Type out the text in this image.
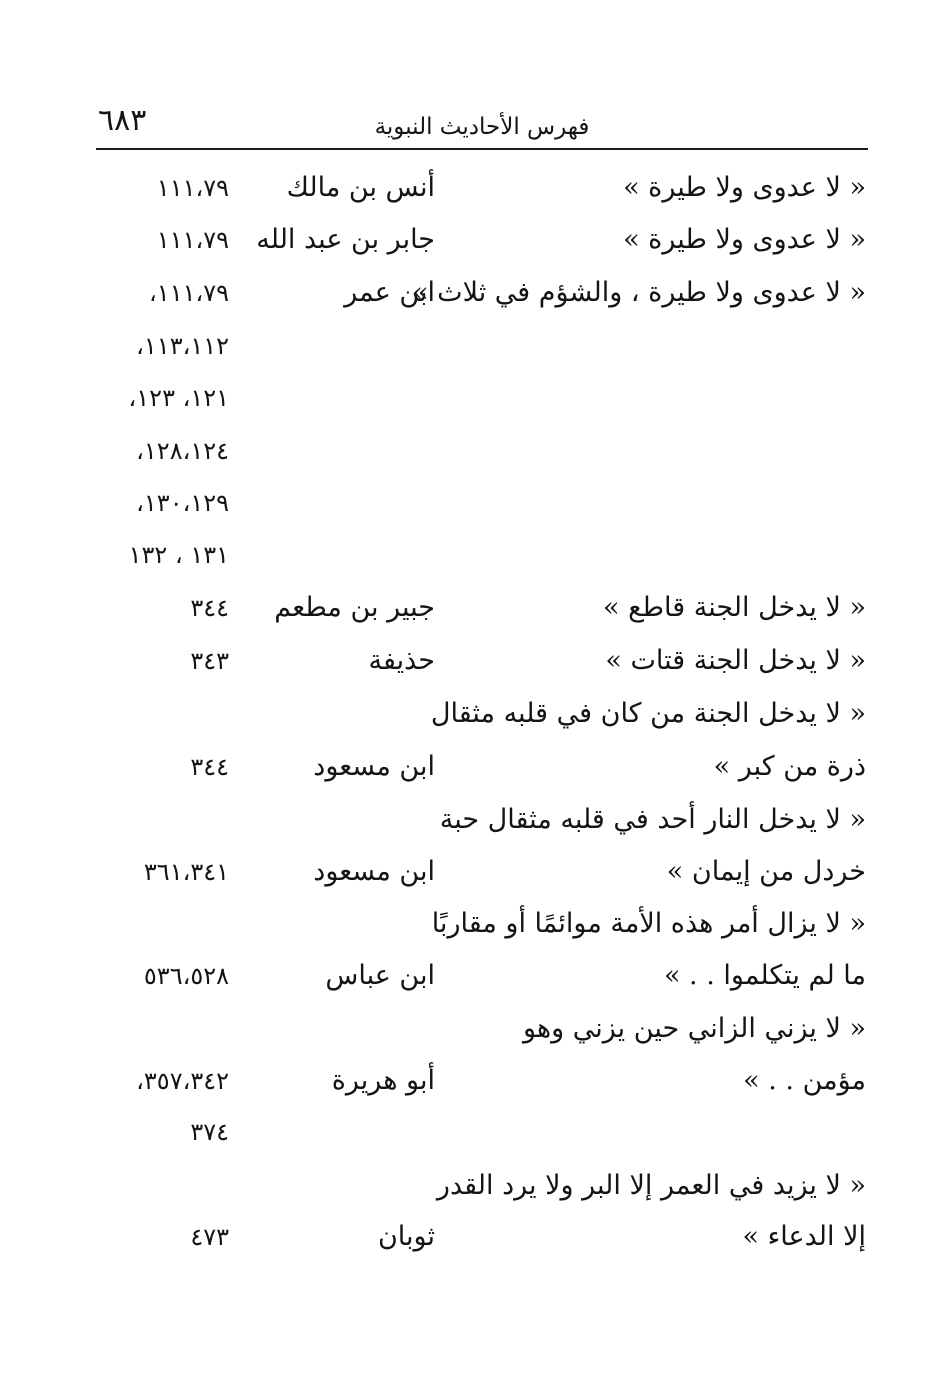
٦٨٣	فهرس الأحاديث النبوية
« لا عدوى ولا طيرة »
أنس بن مالك
١١١،٧٩
« لا عدوى ولا طيرة »
جابر بن عبد الله
١١١،٧٩
« لا عدوى ولا طيرة ، والشؤم في ثلاث »
ابن عمر
١١١،٧٩،
١١٣،١١٢،
١٢١، ١٢٣،
١٢٨،١٢٤،
١٣٠،١٢٩،
١٣١ ، ١٣٢
« لا يدخل الجنة قاطع »
جبير بن مطعم
٣٤٤
« لا يدخل الجنة قتات »
حذيفة
٣٤٣
« لا يدخل الجنة من كان في قلبه مثقال
ذرة من كبر »
ابن مسعود
٣٤٤
« لا يدخل النار أحد في قلبه مثقال حبة
خردل من إيمان »
ابن مسعود
٣٦١،٣٤١
« لا يزال أمر هذه الأمة موائمًا أو مقاربًا
ما لم يتكلموا . . »
ابن عباس
٥٣٦،٥٢٨
« لا يزني الزاني حين يزني وهو
مؤمن . . »
أبو هريرة
٣٥٧،٣٤٢،
٣٧٤
« لا يزيد في العمر إلا البر ولا يرد القدر
إلا الدعاء »
ثوبان
٤٧٣
